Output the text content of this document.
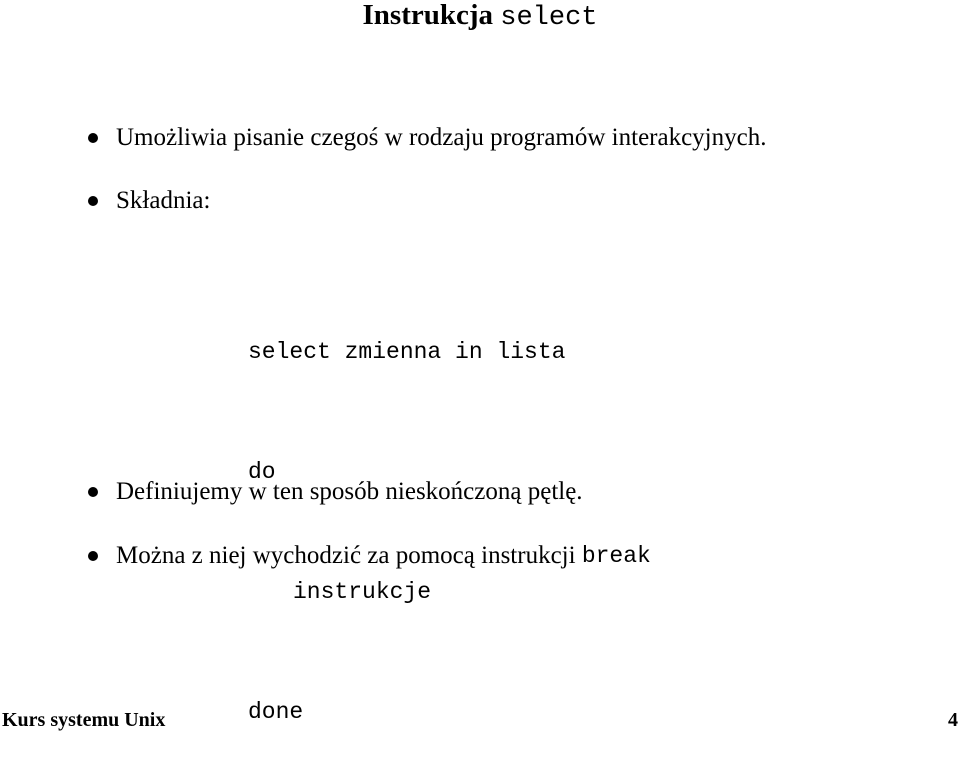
Instrukcja select
Umożliwia pisanie czegoś w rodzaju programów interakcyjnych.
Składnia:

select zmienna in lista

do

instrukcje

done

Definiujemy w ten sposób nieskończoną pętlę.
Można z niej wychodzić za pomocą instrukcji break
Kurs systemu Unix	4
